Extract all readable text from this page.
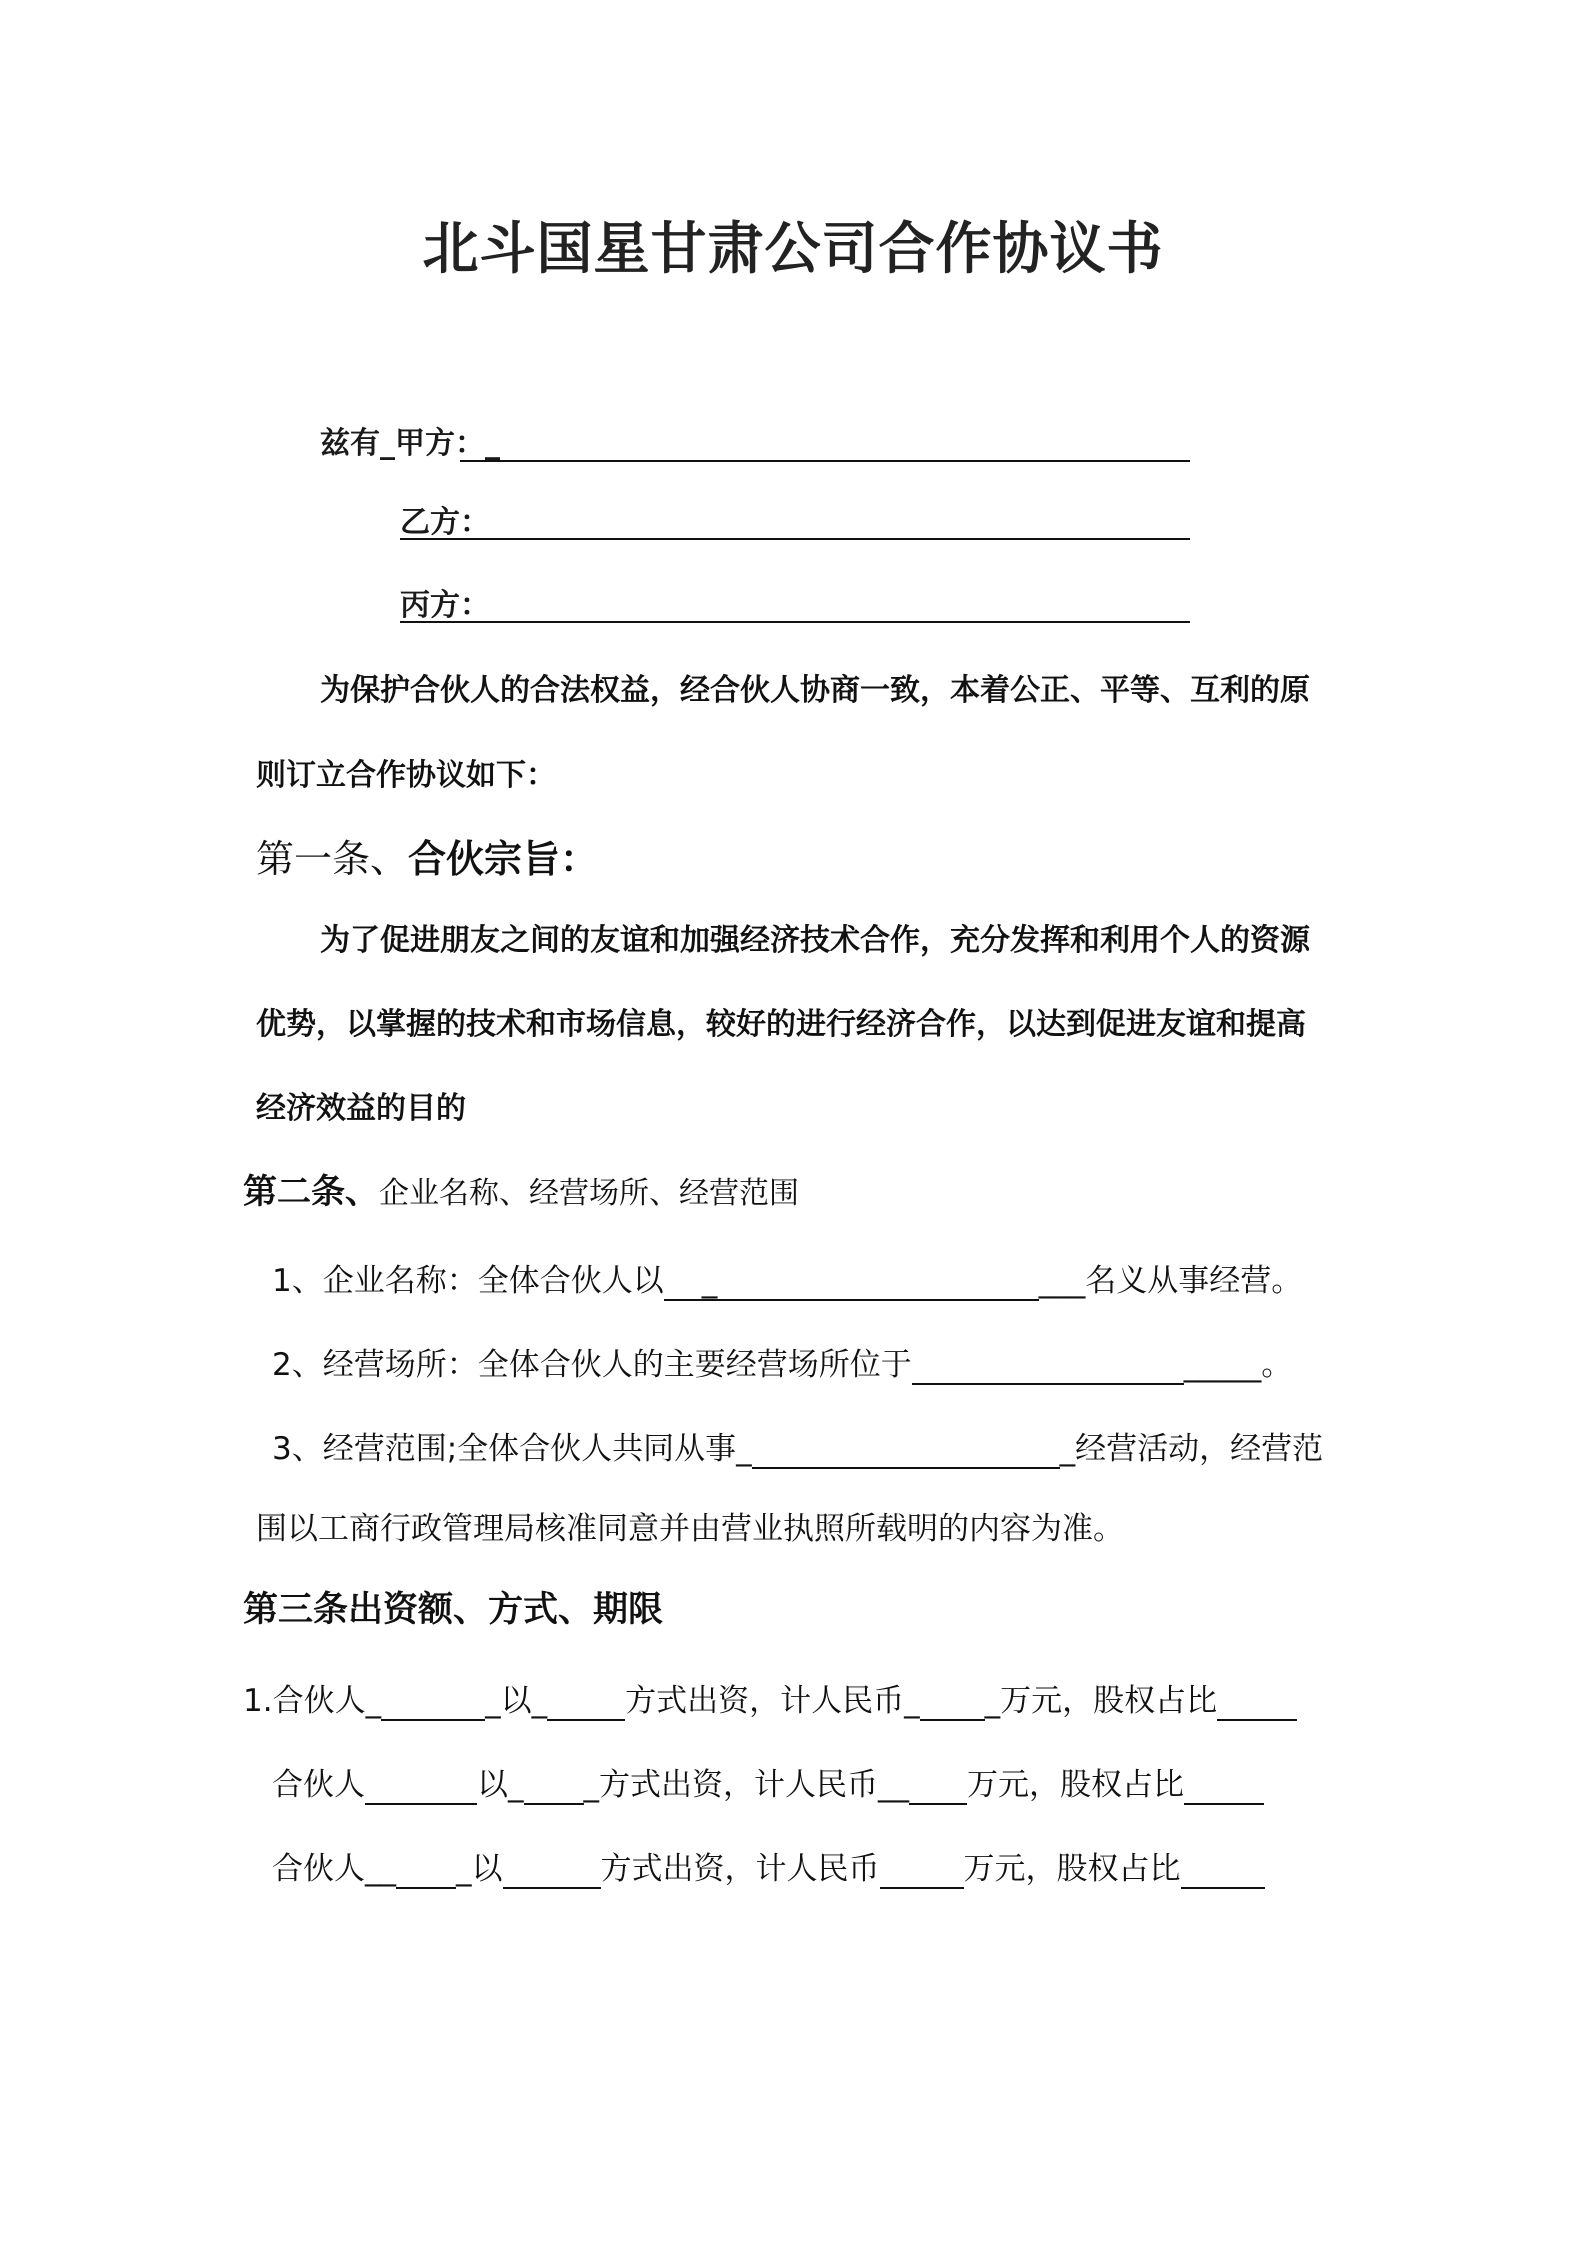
北斗国星甘肃公司合作协议书
兹有_甲方：_
乙方：
丙方：
为保护合伙人的合法权益，经合伙人协商一致，本着公正、平等、互利的原
则订立合作协议如下：
第一条、合伙宗旨：
为了促进朋友之间的友谊和加强经济技术合作，充分发挥和利用个人的资源
优势，以掌握的技术和市场信息，较好的进行经济合作，以达到促进友谊和提高
经济效益的目的
第二条、企业名称、经营场所、经营范围
1、企业名称：全体合伙人以 _	___名义从事经营。
2、经营场所：全体合伙人的主要经营场所位于	_____。
3、经营范围;全体合伙人共同从事_	_经营活动，经营范
围以工商行政管理局核准同意并由营业执照所载明的内容为准。
第三条出资额、方式、期限
1.合伙人_	_以_	方式出资，计人民币_ _万元，股权占比
合伙人	以_ _方式出资，计人民币__ 万元，股权占比
合伙人__ _以	方式出资，计人民币	万元，股权占比
